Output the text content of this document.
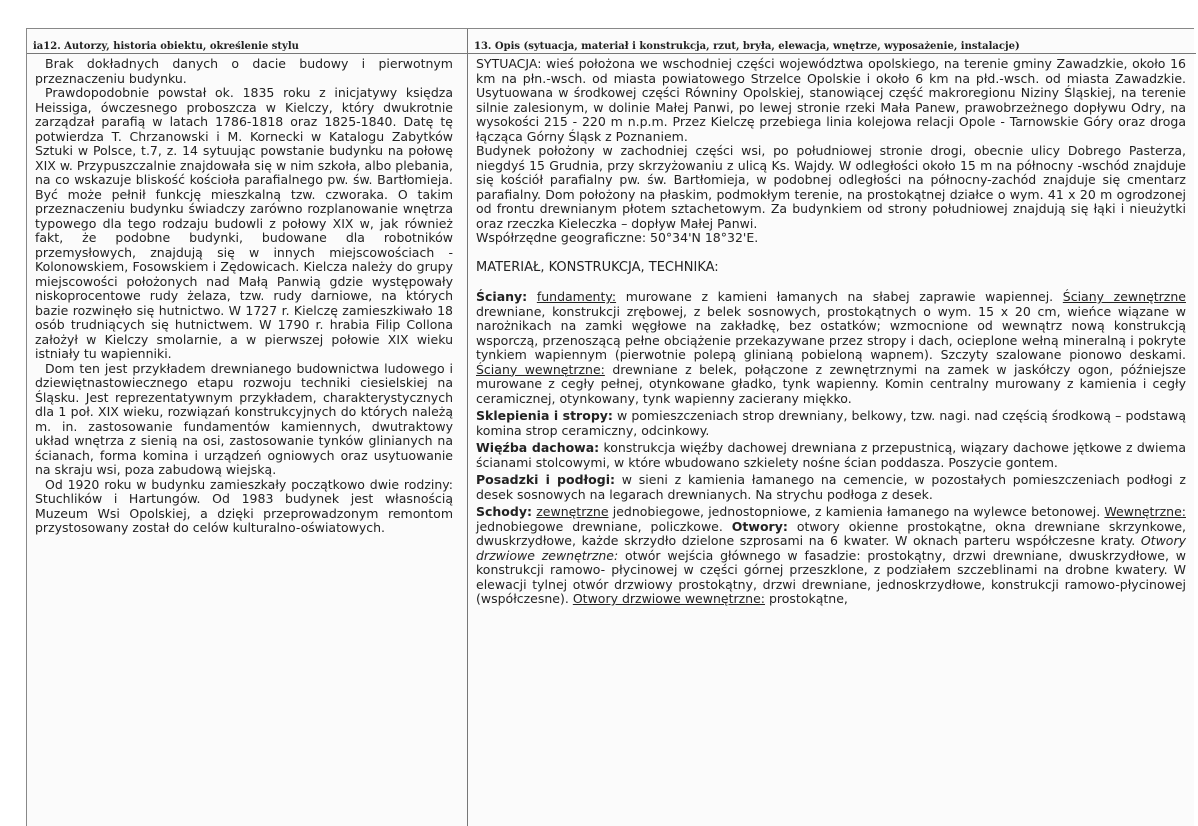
ia12. Autorzy, historia obiektu, określenie stylu

Brak dokładnych danych o dacie budowy i pierwotnym przeznaczeniu budynku.

Prawdopodobnie powstał ok. 1835 roku z inicjatywy księdza Heissiga, ówczesnego proboszcza w Kielczy, który dwukrotnie zarządzał parafią w latach 1786-1818 oraz 1825-1840. Datę tę potwierdza T. Chrzanowski i M. Kornecki w Katalogu Zabytków Sztuki w Polsce, t.7, z. 14 sytuując powstanie budynku na połowę XIX w. Przypuszczalnie znajdowała się w nim szkoła, albo plebania, na co wskazuje bliskość kościoła parafialnego pw. św. Bartłomieja. Być może pełnił funkcję mieszkalną tzw. czworaka. O takim przeznaczeniu budynku świadczy zarówno rozplanowanie wnętrza typowego dla tego rodzaju budowli z połowy XIX w, jak również fakt, że podobne budynki, budowane dla robotników przemysłowych, znajdują się w innych miejscowościach - Kolonowskiem, Fosowskiem i Zędowicach. Kielcza należy do grupy miejscowości położonych nad Małą Panwią gdzie występowały niskoprocentowe rudy żelaza, tzw. rudy darniowe, na których bazie rozwinęło się hutnictwo. W 1727 r. Kielczę zamieszkiwało 18 osób trudniących się hutnictwem. W 1790 r. hrabia Filip Collona założył w Kielczy smolarnie, a w pierwszej połowie XIX wieku istniały tu wapienniki.

Dom ten jest przykładem drewnianego budownictwa ludowego i dziewiętnastowiecznego etapu rozwoju techniki ciesielskiej na Śląsku. Jest reprezentatywnym przykładem, charakterystycznych dla 1 poł. XIX wieku, rozwiązań konstrukcyjnych do których należą m. in. zastosowanie fundamentów kamiennych, dwutraktowy układ wnętrza z sienią na osi, zastosowanie tynków glinianych na ścianach, forma komina i urządzeń ogniowych oraz usytuowanie na skraju wsi, poza zabudową wiejską.

Od 1920 roku w budynku zamieszkały początkowo dwie rodziny: Stuchlików i Hartungów. Od 1983 budynek jest własnością Muzeum Wsi Opolskiej, a dzięki przeprowadzonym remontom przystosowany został do celów kulturalno-oświatowych.

13. Opis (sytuacja, materiał i konstrukcja, rzut, bryła, elewacja, wnętrze, wyposażenie, instalacje)

SYTUACJA: wieś położona we wschodniej części województwa opolskiego, na terenie gminy Zawadzkie, około 16 km na płn.-wsch. od miasta powiatowego Strzelce Opolskie i około 6 km na płd.-wsch. od miasta Zawadzkie. Usytuowana w środkowej części Równiny Opolskiej, stanowiącej część makroregionu Niziny Śląskiej, na terenie silnie zalesionym, w dolinie Małej Panwi, po lewej stronie rzeki Mała Panew, prawobrzeżnego dopływu Odry, na wysokości 215 - 220 m n.p.m. Przez Kielczę przebiega linia kolejowa relacji Opole - Tarnowskie Góry oraz droga łącząca Górny Śląsk z Poznaniem.

Budynek położony w zachodniej części wsi, po południowej stronie drogi, obecnie ulicy Dobrego Pasterza, niegdyś 15 Grudnia, przy skrzyżowaniu z ulicą Ks. Wajdy. W odległości około 15 m na północny -wschód znajduje się kościół parafialny pw. św. Bartłomieja, w podobnej odległości na północny-zachód znajduje się cmentarz parafialny. Dom położony na płaskim, podmokłym terenie, na prostokątnej działce o wym. 41 x 20 m ogrodzonej od frontu drewnianym płotem sztachetowym. Za budynkiem od strony południowej znajdują się łąki i nieużytki oraz rzeczka Kieleczka – dopływ Małej Panwi.

Współrzędne geograficzne: 50°34'N 18°32'E.

MATERIAŁ, KONSTRUKCJA, TECHNIKA:

Ściany: fundamenty: murowane z kamieni łamanych na słabej zaprawie wapiennej. Ściany zewnętrzne drewniane, konstrukcji zrębowej, z belek sosnowych, prostokątnych o wym. 15 x 20 cm, wieńce wiązane w narożnikach na zamki węgłowe na zakładkę, bez ostatków; wzmocnione od wewnątrz nową konstrukcją wsporczą, przenoszącą pełne obciążenie przekazywane przez stropy i dach, ocieplone wełną mineralną i pokryte tynkiem wapiennym (pierwotnie polepą glinianą pobieloną wapnem). Szczyty szalowane pionowo deskami. Ściany wewnętrzne: drewniane z belek, połączone z zewnętrznymi na zamek w jaskółczy ogon, późniejsze murowane z cegły pełnej, otynkowane gładko, tynk wapienny. Komin centralny murowany z kamienia i cegły ceramicznej, otynkowany, tynk wapienny zacierany miękko.

Sklepienia i stropy: w pomieszczeniach strop drewniany, belkowy, tzw. nagi. nad częścią środkową – podstawą komina strop ceramiczny, odcinkowy.

Więźba dachowa: konstrukcja więźby dachowej drewniana z przepustnicą, wiązary dachowe jętkowe z dwiema ścianami stolcowymi, w które wbudowano szkielety nośne ścian poddasza. Poszycie gontem.

Posadzki i podłogi: w sieni z kamienia łamanego na cemencie, w pozostałych pomieszczeniach podłogi z desek sosnowych na legarach drewnianych. Na strychu podłoga z desek.

Schody: zewnętrzne jednobiegowe, jednostopniowe, z kamienia łamanego na wylewce betonowej. Wewnętrzne: jednobiegowe drewniane, policzkowe. Otwory: otwory okienne prostokątne, okna drewniane skrzynkowe, dwuskrzydłowe, każde skrzydło dzielone szprosami na 6 kwater. W oknach parteru współczesne kraty. Otwory drzwiowe zewnętrzne: otwór wejścia głównego w fasadzie: prostokątny, drzwi drewniane, dwuskrzydłowe, w konstrukcji ramowo- płycinowej w części górnej przeszklone, z podziałem szczeblinami na drobne kwatery. W elewacji tylnej otwór drzwiowy prostokątny, drzwi drewniane, jednoskrzydłowe, konstrukcji ramowo-płycinowej (współczesne). Otwory drzwiowe wewnętrzne: prostokątne,
